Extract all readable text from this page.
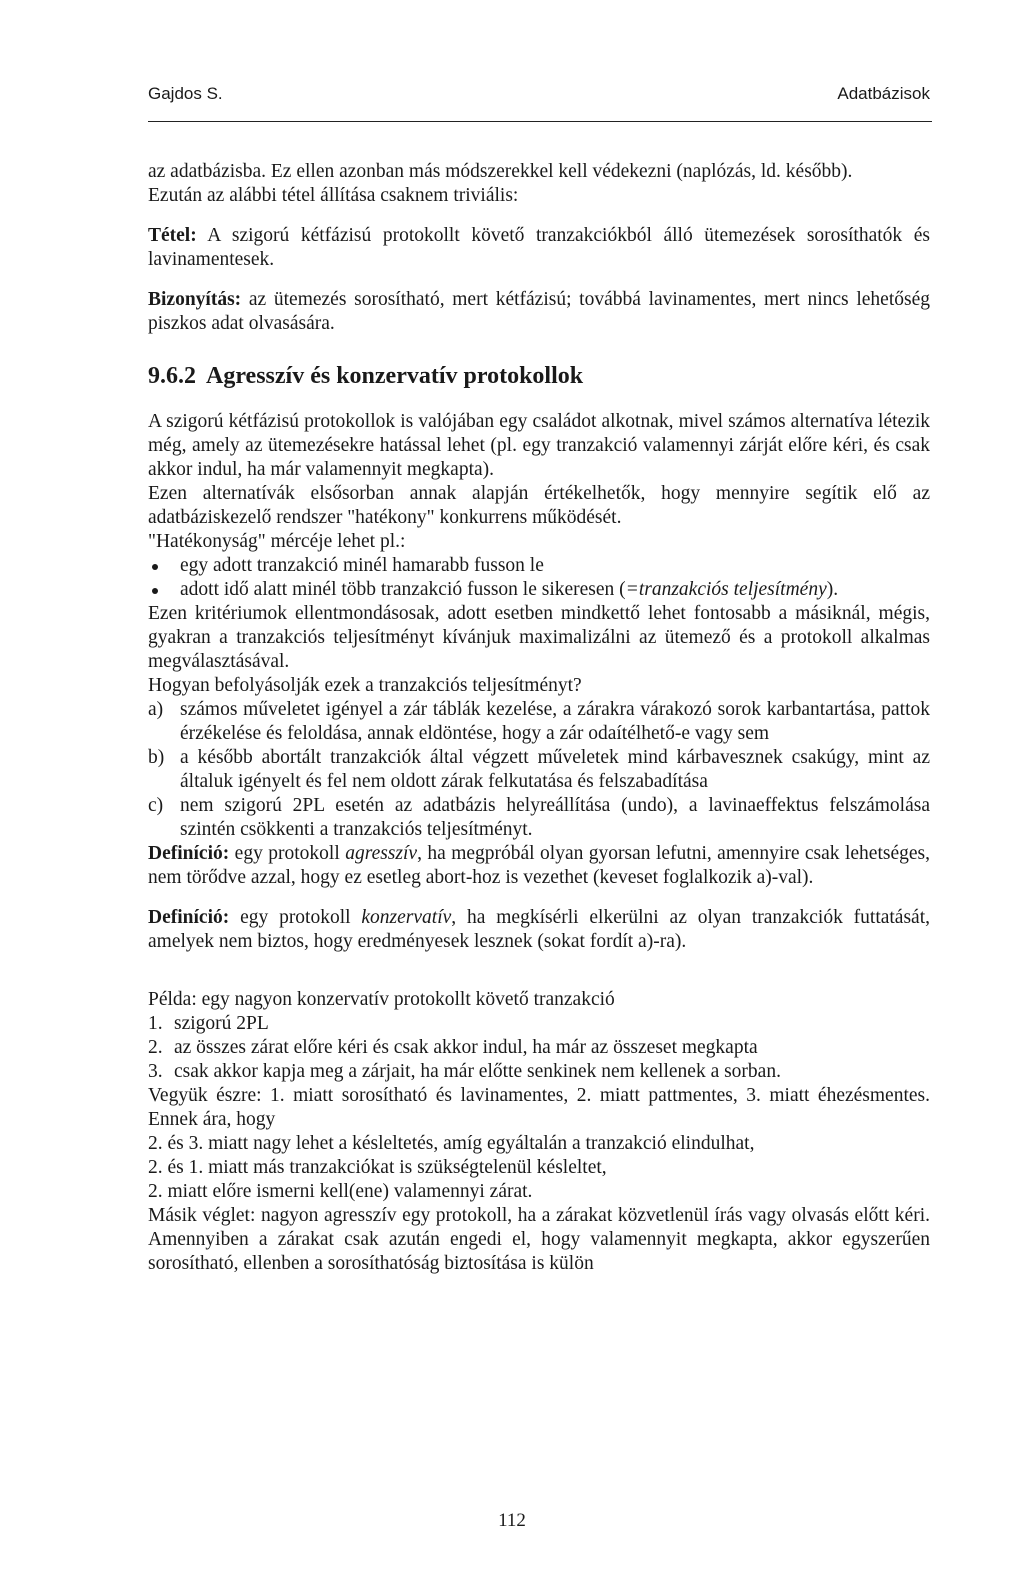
Gajdos S.	Adatbázisok

az adatbázisba. Ez ellen azonban más módszerekkel kell védekezni (naplózás, ld. később).

Ezután az alábbi tétel állítása csaknem triviális:

Tétel: A szigorú kétfázisú protokollt követő tranzakciókból álló ütemezések sorosíthatók és lavinamentesek.

Bizonyítás: az ütemezés sorosítható, mert kétfázisú; továbbá lavinamentes, mert nincs lehetőség piszkos adat olvasására.

9.6.2 Agresszív és konzervatív protokollok

A szigorú kétfázisú protokollok is valójában egy családot alkotnak, mivel számos alternatíva létezik még, amely az ütemezésekre hatással lehet (pl. egy tranzakció valamennyi zárját előre kéri, és csak akkor indul, ha már valamennyit megkapta).

Ezen alternatívák elsősorban annak alapján értékelhetők, hogy mennyire segítik elő az adatbáziskezelő rendszer "hatékony" konkurrens működését.

"Hatékonyság" mércéje lehet pl.:

egy adott tranzakció minél hamarabb fusson le
adott idő alatt minél több tranzakció fusson le sikeresen (=tranzakciós teljesítmény).

Ezen kritériumok ellentmondásosak, adott esetben mindkettő lehet fontosabb a másiknál, mégis, gyakran a tranzakciós teljesítményt kívánjuk maximalizálni az ütemező és a protokoll alkalmas megválasztásával.

Hogyan befolyásolják ezek a tranzakciós teljesítményt?

a) számos műveletet igényel a zár táblák kezelése, a zárakra várakozó sorok karbantartása, pattok érzékelése és feloldása, annak eldöntése, hogy a zár odaítélhető-e vagy sem
b) a később abortált tranzakciók által végzett műveletek mind kárbavesznek csakúgy, mint az általuk igényelt és fel nem oldott zárak felkutatása és felszabadítása
c) nem szigorú 2PL esetén az adatbázis helyreállítása (undo), a lavinaeffektus felszámolása szintén csökkenti a tranzakciós teljesítményt.

Definíció: egy protokoll agresszív, ha megpróbál olyan gyorsan lefutni, amennyire csak lehetséges, nem törődve azzal, hogy ez esetleg abort-hoz is vezethet (keveset foglalkozik a)-val).

Definíció: egy protokoll konzervatív, ha megkísérli elkerülni az olyan tranzakciók futtatását, amelyek nem biztos, hogy eredményesek lesznek (sokat fordít a)-ra).

Példa: egy nagyon konzervatív protokollt követő tranzakció

1. szigorú 2PL
2. az összes zárat előre kéri és csak akkor indul, ha már az összeset megkapta
3. csak akkor kapja meg a zárjait, ha már előtte senkinek nem kellenek a sorban.

Vegyük észre: 1. miatt sorosítható és lavinamentes, 2. miatt pattmentes, 3. miatt éhezésmentes. Ennek ára, hogy

2. és 3. miatt nagy lehet a késleltetés, amíg egyáltalán a tranzakció elindulhat,

2. és 1. miatt más tranzakciókat is szükségtelenül késleltet,

2. miatt előre ismerni kell(ene) valamennyi zárat.

Másik véglet: nagyon agresszív egy protokoll, ha a zárakat közvetlenül írás vagy olvasás előtt kéri. Amennyiben a zárakat csak azután engedi el, hogy valamennyit megkapta, akkor egyszerűen sorosítható, ellenben a sorosíthatóság biztosítása is külön

112
